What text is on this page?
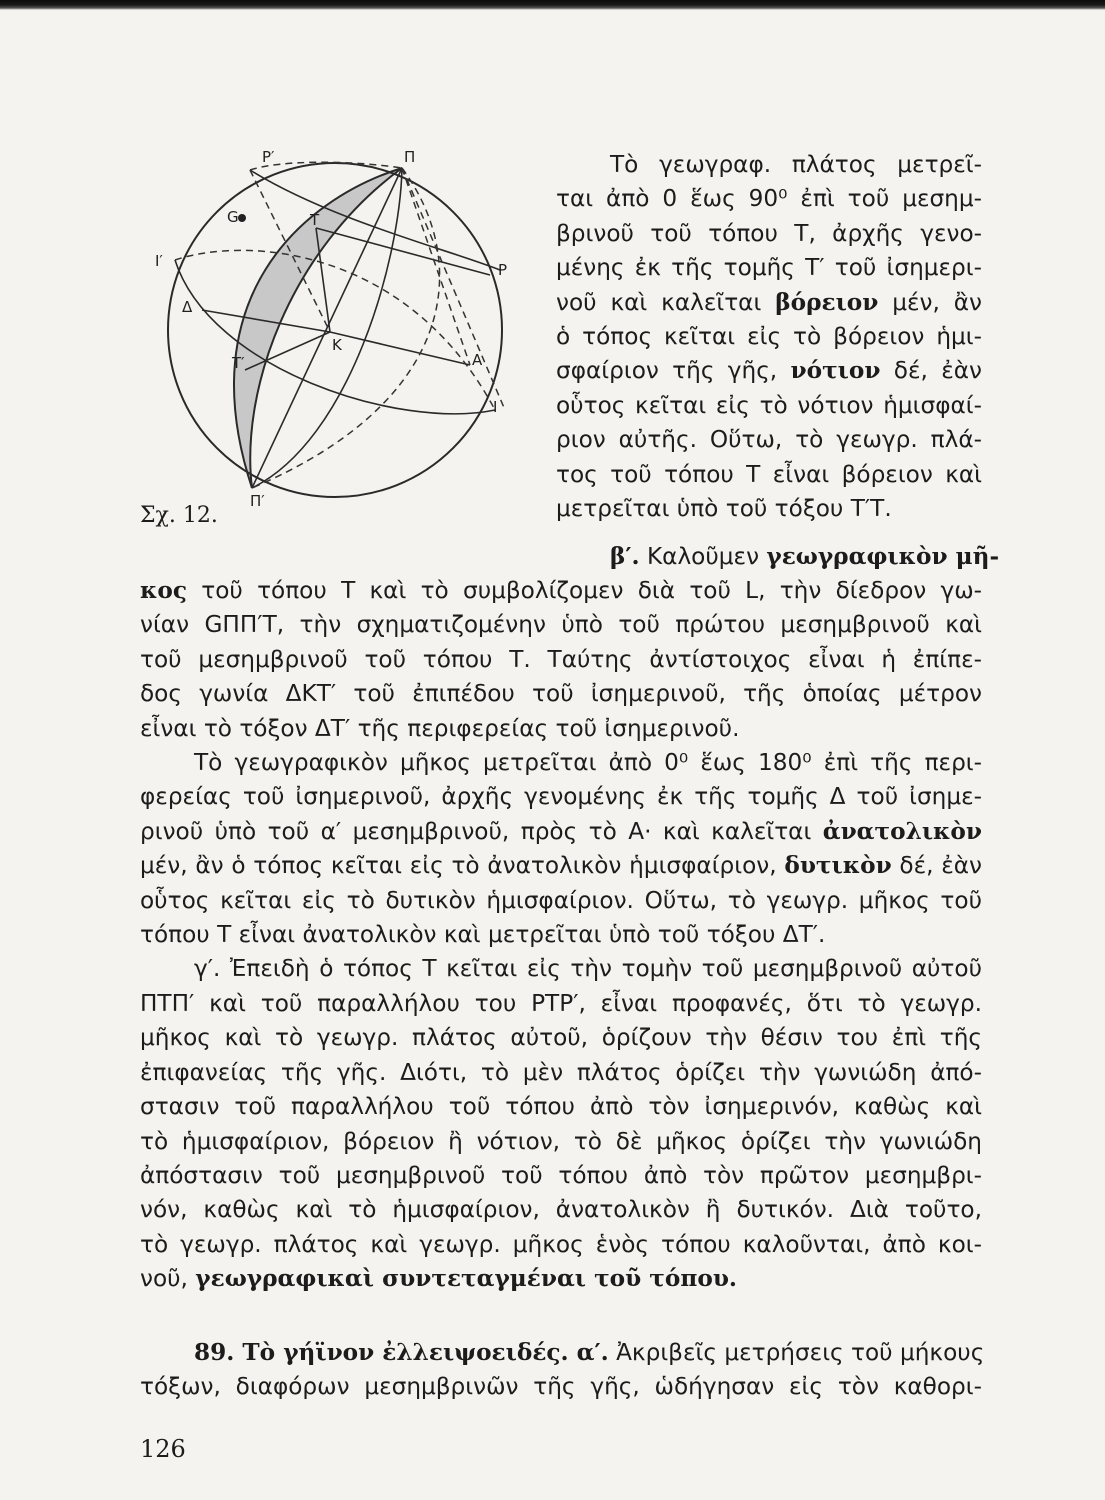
Ρ′	Π
G	Τ
Ι′	Ρ
Δ
Κ
Τ′	Α
Ι
Π′
Σχ. 12.
Τὸ γεωγραφ. πλάτος μετρεῖ-
ται ἀπὸ 0 ἕως 90⁰ ἐπὶ τοῦ μεσημ-
βρινοῦ τοῦ τόπου Τ, ἀρχῆς γενο-
μένης ἐκ τῆς τομῆς Τ′ τοῦ ἰσημερι-
νοῦ καὶ καλεῖται βόρειον μέν, ἂν
ὁ τόπος κεῖται εἰς τὸ βόρειον ἡμι-
σφαίριον τῆς γῆς, νότιον δέ, ἐὰν
οὗτος κεῖται εἰς τὸ νότιον ἡμισφαί-
ριον αὐτῆς. Οὕτω, τὸ γεωγρ. πλά-
τος τοῦ τόπου Τ εἶναι βόρειον καὶ
μετρεῖται ὑπὸ τοῦ τόξου Τ′Τ.
β′. Καλοῦμεν γεωγραφικὸν μῆ-
κος τοῦ τόπου Τ καὶ τὸ συμβολίζομεν διὰ τοῦ L, τὴν δίεδρον γω-
νίαν GΠΠ′Τ, τὴν σχηματιζομένην ὑπὸ τοῦ πρώτου μεσημβρινοῦ καὶ
τοῦ μεσημβρινοῦ τοῦ τόπου Τ. Ταύτης ἀντίστοιχος εἶναι ἡ ἐπίπε-
δος γωνία ΔΚΤ′ τοῦ ἐπιπέδου τοῦ ἰσημερινοῦ, τῆς ὁποίας μέτρον
εἶναι τὸ τόξον ΔΤ′ τῆς περιφερείας τοῦ ἰσημερινοῦ.
Τὸ γεωγραφικὸν μῆκος μετρεῖται ἀπὸ 0⁰ ἕως 180⁰ ἐπὶ τῆς περι-
φερείας τοῦ ἰσημερινοῦ, ἀρχῆς γενομένης ἐκ τῆς τομῆς Δ τοῦ ἰσημε-
ρινοῦ ὑπὸ τοῦ α′ μεσημβρινοῦ, πρὸς τὸ Α· καὶ καλεῖται ἀνατολικὸν
μέν, ἂν ὁ τόπος κεῖται εἰς τὸ ἀνατολικὸν ἡμισφαίριον, δυτικὸν δέ, ἐὰν
οὗτος κεῖται εἰς τὸ δυτικὸν ἡμισφαίριον. Οὕτω, τὸ γεωγρ. μῆκος τοῦ
τόπου Τ εἶναι ἀνατολικὸν καὶ μετρεῖται ὑπὸ τοῦ τόξου ΔΤ′.
γ′. Ἐπειδὴ ὁ τόπος Τ κεῖται εἰς τὴν τομὴν τοῦ μεσημβρινοῦ αὐτοῦ
ΠΤΠ′ καὶ τοῦ παραλλήλου του ΡΤΡ′, εἶναι προφανές, ὅτι τὸ γεωγρ.
μῆκος καὶ τὸ γεωγρ. πλάτος αὐτοῦ, ὁρίζουν τὴν θέσιν του ἐπὶ τῆς
ἐπιφανείας τῆς γῆς. Διότι, τὸ μὲν πλάτος ὁρίζει τὴν γωνιώδη ἀπό-
στασιν τοῦ παραλλήλου τοῦ τόπου ἀπὸ τὸν ἰσημερινόν, καθὼς καὶ
τὸ ἡμισφαίριον, βόρειον ἢ νότιον, τὸ δὲ μῆκος ὁρίζει τὴν γωνιώδη
ἀπόστασιν τοῦ μεσημβρινοῦ τοῦ τόπου ἀπὸ τὸν πρῶτον μεσημβρι-
νόν, καθὼς καὶ τὸ ἡμισφαίριον, ἀνατολικὸν ἢ δυτικόν. Διὰ τοῦτο,
τὸ γεωγρ. πλάτος καὶ γεωγρ. μῆκος ἑνὸς τόπου καλοῦνται, ἀπὸ κοι-
νοῦ, γεωγραφικαὶ συντεταγμέναι τοῦ τόπου.
89. Τὸ γήϊνον ἐλλειψοειδές. α′. Ἀκριβεῖς μετρήσεις τοῦ μήκους
τόξων, διαφόρων μεσημβρινῶν τῆς γῆς, ὡδήγησαν εἰς τὸν καθορι-
126
